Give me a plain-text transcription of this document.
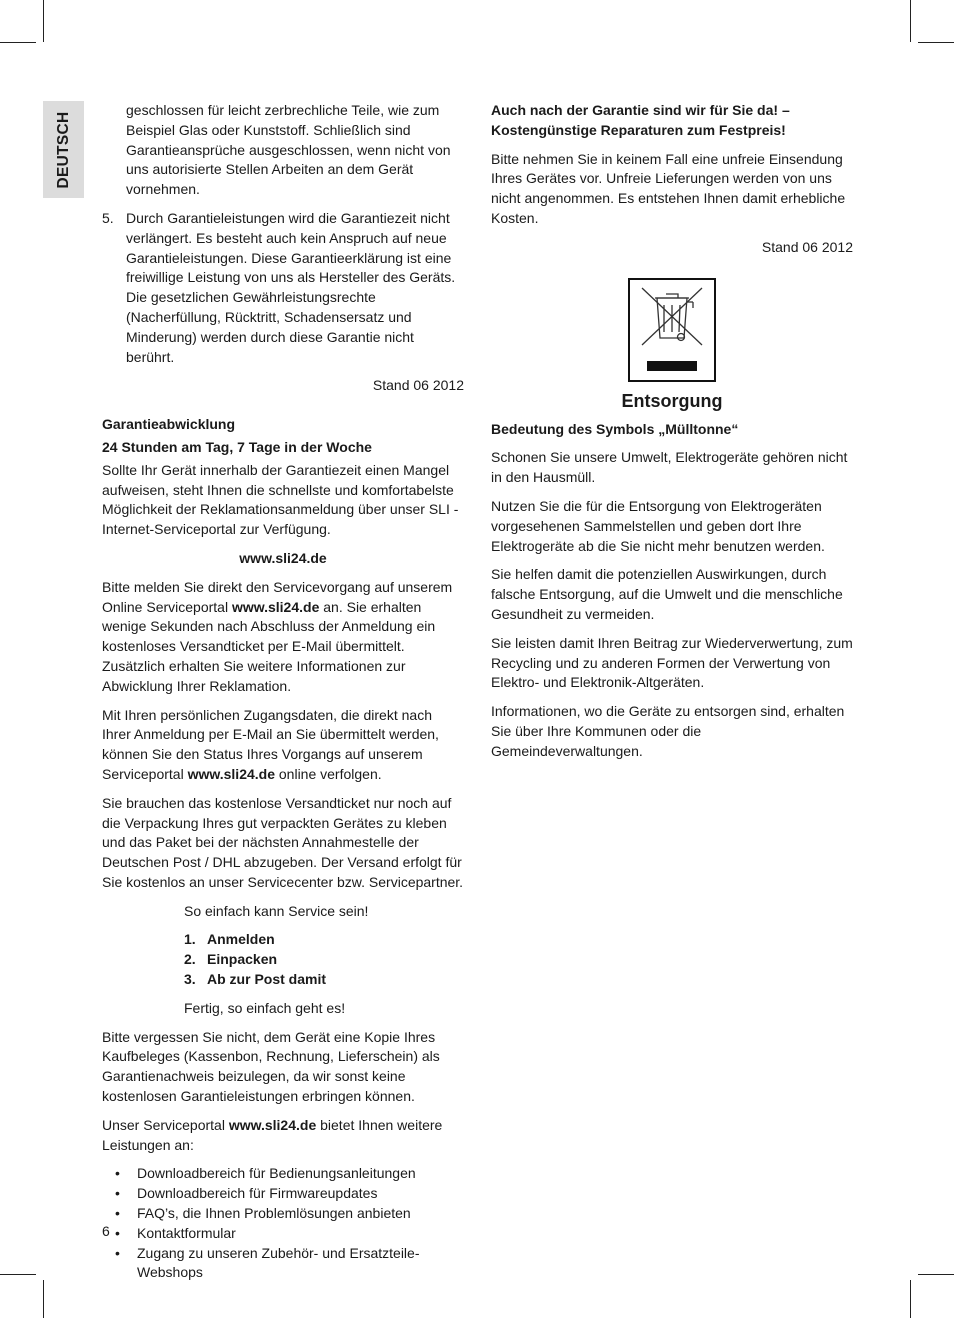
DEUTSCH

geschlossen für leicht zerbrechliche Teile, wie zum Beispiel Glas oder Kunststoff. Schließlich sind Garantieansprüche ausgeschlossen, wenn nicht von uns autorisierte Stellen Arbeiten an dem Gerät vornehmen.

5. Durch Garantieleistungen wird die Garantiezeit nicht verlängert. Es besteht auch kein Anspruch auf neue Garantieleistungen. Diese Garantieerklärung ist eine freiwillige Leistung von uns als Hersteller des Geräts. Die gesetzlichen Gewährleistungsrechte (Nacherfüllung, Rücktritt, Schadensersatz und Minderung) werden durch diese Garantie nicht berührt.

Stand 06 2012

Garantieabwicklung

24 Stunden am Tag, 7 Tage in der Woche

Sollte Ihr Gerät innerhalb der Garantiezeit einen Mangel aufweisen, steht Ihnen die schnellste und komfortabelste Möglichkeit der Reklamationsanmeldung über unser SLI - Internet-Serviceportal zur Verfügung.

www.sli24.de

Bitte melden Sie direkt den Servicevorgang auf unserem Online Serviceportal www.sli24.de an. Sie erhalten wenige Sekunden nach Abschluss der Anmeldung ein kostenloses Versandticket per E-Mail übermittelt. Zusätzlich erhalten Sie weitere Informationen zur Abwicklung Ihrer Reklamation.

Mit Ihren persönlichen Zugangsdaten, die direkt nach Ihrer Anmeldung per E-Mail an Sie übermittelt werden, können Sie den Status Ihres Vorgangs auf unserem Serviceportal www.sli24.de online verfolgen.

Sie brauchen das kostenlose Versandticket nur noch auf die Verpackung Ihres gut verpackten Gerätes zu kleben und das Paket bei der nächsten Annahmestelle der Deutschen Post / DHL abzugeben. Der Versand erfolgt für Sie kostenlos an unser Servicecenter bzw. Servicepartner.

So einfach kann Service sein!

1. Anmelden
2. Einpacken
3. Ab zur Post damit

Fertig, so einfach geht es!

Bitte vergessen Sie nicht, dem Gerät eine Kopie Ihres Kaufbeleges (Kassenbon, Rechnung, Lieferschein) als Garantienachweis beizulegen, da wir sonst keine kostenlosen Garantieleistungen erbringen können.

Unser Serviceportal www.sli24.de bietet Ihnen weitere Leistungen an:

• Downloadbereich für Bedienungsanleitungen
• Downloadbereich für Firmwareupdates
• FAQ’s, die Ihnen Problemlösungen anbieten
• Kontaktformular
• Zugang zu unseren Zubehör- und Ersatzteile-Webshops

Auch nach der Garantie sind wir für Sie da! – Kostengünstige Reparaturen zum Festpreis!

Bitte nehmen Sie in keinem Fall eine unfreie Einsendung Ihres Gerätes vor. Unfreie Lieferungen werden von uns nicht angenommen. Es entstehen Ihnen damit erhebliche Kosten.

Stand 06 2012

Entsorgung

Bedeutung des Symbols „Mülltonne“

Schonen Sie unsere Umwelt, Elektrogeräte gehören nicht in den Hausmüll.

Nutzen Sie die für die Entsorgung von Elektrogeräten vorgesehenen Sammelstellen und geben dort Ihre Elektrogeräte ab die Sie nicht mehr benutzen werden.

Sie helfen damit die potenziellen Auswirkungen, durch falsche Entsorgung, auf die Umwelt und die menschliche Gesundheit zu vermeiden.

Sie leisten damit Ihren Beitrag zur Wiederverwertung, zum Recycling und zu anderen Formen der Verwertung von Elektro- und Elektronik-Altgeräten.

Informationen, wo die Geräte zu entsorgen sind, erhalten Sie über Ihre Kommunen oder die Gemeindeverwaltungen.

6
